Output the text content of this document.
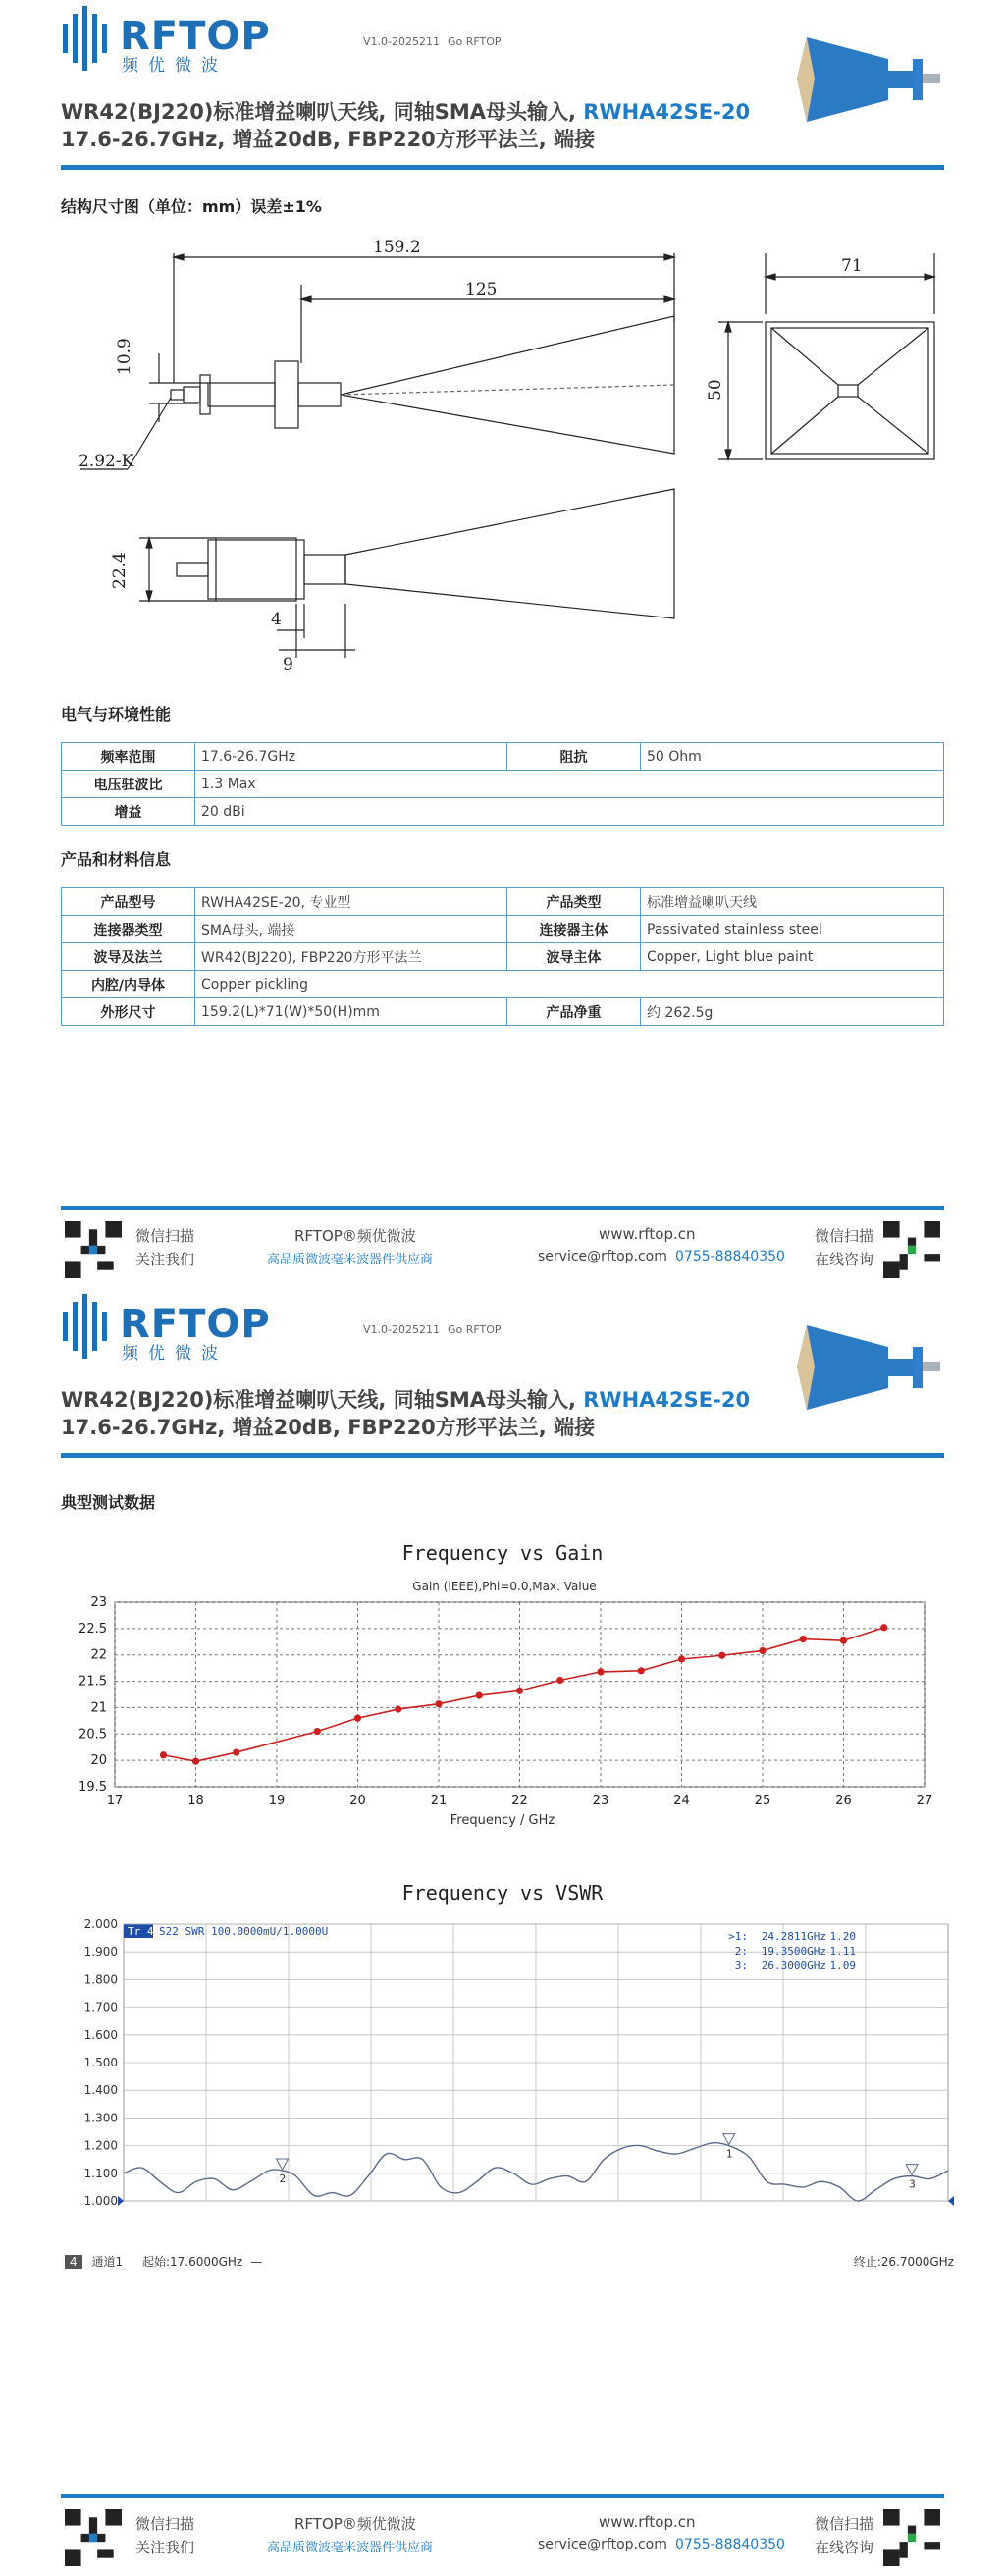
RFTOP
频优微波
V1.0-2025211 Go RFTOP
WR42(BJ220)标准增益喇叭天线, 同轴SMA母头输入, RWHA42SE-20
17.6-26.7GHz, 增益20dB, FBP220方形平法兰, 端接
结构尺寸图（单位：mm）误差±1%
159.2
125
10.9
2.92-K
71
50
22.4
4
9
电气与环境性能
频率范围	17.6-26.7GHz	阻抗	50 Ohm
电压驻波比	1.3 Max		
增益	20 dBi		
产品和材料信息
产品型号	RWHA42SE-20, 专业型	产品类型	标准增益喇叭天线
连接器类型	SMA母头, 端接	连接器主体	Passivated stainless steel
波导及法兰	WR42(BJ220), FBP220方形平法兰	波导主体	Copper, Light blue paint
内腔/内导体	Copper pickling		
外形尺寸	159.2(L)*71(W)*50(H)mm	产品净重	约 262.5g
微信扫描
关注我们
RFTOP®频优微波
高品质微波毫米波器件供应商
www.rftop.cn
service@rftop.com 0755-88840350
微信扫描
在线咨询
RFTOP
频优微波
V1.0-2025211 Go RFTOP
WR42(BJ220)标准增益喇叭天线, 同轴SMA母头输入, RWHA42SE-20
17.6-26.7GHz, 增益20dB, FBP220方形平法兰, 端接
典型测试数据
Frequency vs Gain
Gain (IEEE),Phi=0.0,Max. Value
Frequency / GHz
17	18	19	20	21	22	23	24	25	26	27
19.5
20
20.5
21
21.5
22
22.5
23
Frequency vs VSWR
Tr 4 S22 SWR 100.0000mU/1.0000U
2.000
1.900
1.800
1.700
1.600
1.500
1.400
1.300
1.200
1.100
1.000
1
>1: 24.2811GHz 1.20
2
2: 19.3500GHz 1.11
3
3: 26.3000GHz 1.09
4 通道1 起始:17.6000GHz —	终止:26.7000GHz
微信扫描
关注我们
RFTOP®频优微波
高品质微波毫米波器件供应商
www.rftop.cn
service@rftop.com 0755-88840350
微信扫描
在线咨询
